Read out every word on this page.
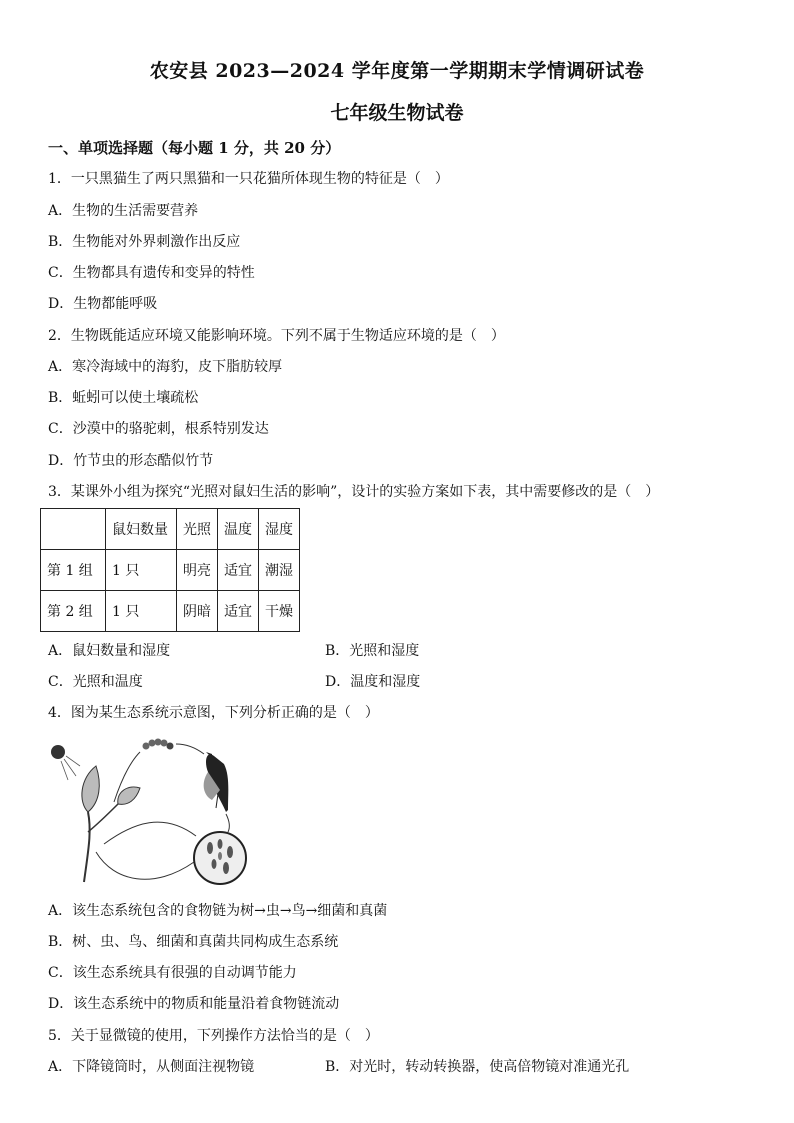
农安县 2023—2024 学年度第一学期期末学情调研试卷
七年级生物试卷
一、单项选择题（每小题 1 分，共 20 分）
1．一只黑猫生了两只黑猫和一只花猫所体现生物的特征是（　）
A．生物的生活需要营养
B．生物能对外界刺激作出反应
C．生物都具有遗传和变异的特性
D．生物都能呼吸
2．生物既能适应环境又能影响环境。下列不属于生物适应环境的是（　）
A．寒冷海域中的海豹，皮下脂肪较厚
B．蚯蚓可以使土壤疏松
C．沙漠中的骆驼刺，根系特别发达
D．竹节虫的形态酷似竹节
3．某课外小组为探究“光照对鼠妇生活的影响”，设计的实验方案如下表，其中需要修改的是（　）
	鼠妇数量	光照	温度	湿度
第 1 组	1 只	明亮	适宜	潮湿
第 2 组	1 只	阴暗	适宜	干燥
A．鼠妇数量和湿度	B．光照和湿度
C．光照和温度	D．温度和湿度
4．图为某生态系统示意图，下列分析正确的是（　）
A．该生态系统包含的食物链为树→虫→鸟→细菌和真菌
B．树、虫、鸟、细菌和真菌共同构成生态系统
C．该生态系统具有很强的自动调节能力
D．该生态系统中的物质和能量沿着食物链流动
5．关于显微镜的使用，下列操作方法恰当的是（　）
A．下降镜筒时，从侧面注视物镜	B．对光时，转动转换器，使高倍物镜对准通光孔
